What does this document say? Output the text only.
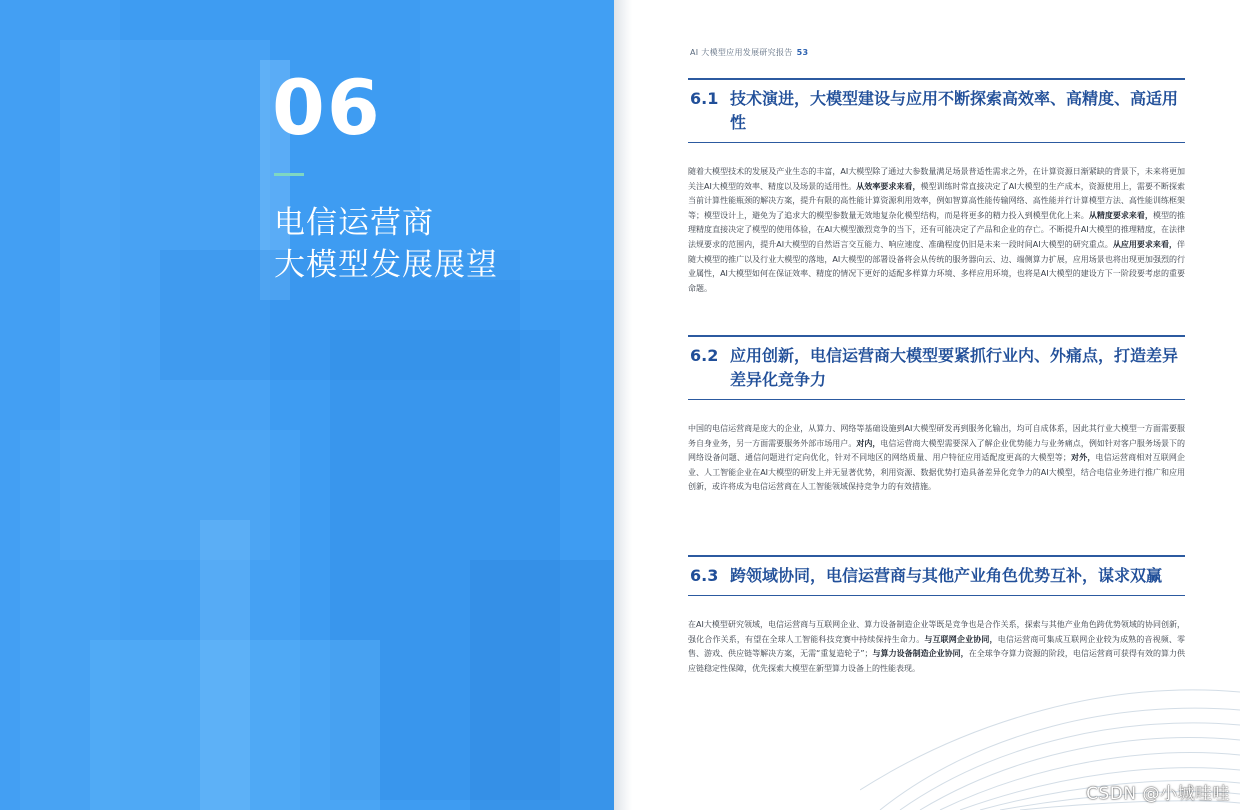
06
电信运营商
大模型发展展望
AI 大模型应用发展研究报告 53
6.1 技术演进，大模型建设与应用不断探索高效率、高精度、高适用性
随着大模型技术的发展及产业生态的丰富，AI大模型除了通过大参数量满足场景普适性需求之外，在计算资源日渐紧缺的背景下，未来将更加关注AI大模型的效率、精度以及场景的适用性。从效率要求来看，模型训练时常直接决定了AI大模型的生产成本，资源使用上，需要不断探索当前计算性能瓶颈的解决方案，提升有限的高性能计算资源利用效率，例如智算高性能传输网络、高性能并行计算模型方法、高性能训练框架等；模型设计上，避免为了追求大的模型参数量无效地复杂化模型结构，而是将更多的精力投入到模型优化上来。从精度要求来看，模型的推理精度直接决定了模型的使用体验，在AI大模型激烈竞争的当下，还有可能决定了产品和企业的存亡。不断提升AI大模型的推理精度，在法律法规要求的范围内，提升AI大模型的自然语言交互能力、响应速度、准确程度仍旧是未来一段时间AI大模型的研究重点。从应用要求来看，伴随大模型的推广以及行业大模型的落地，AI大模型的部署设备将会从传统的服务器向云、边、端侧算力扩展，应用场景也将出现更加强烈的行业属性，AI大模型如何在保证效率、精度的情况下更好的适配多样算力环境、多样应用环境，也将是AI大模型的建设方下一阶段要考虑的重要命题。
6.2 应用创新，电信运营商大模型要紧抓行业内、外痛点，打造差异差异化竞争力
中国的电信运营商是庞大的企业，从算力、网络等基础设施到AI大模型研发再到服务化输出，均可自成体系，因此其行业大模型一方面需要服务自身业务，另一方面需要服务外部市场用户。对内，电信运营商大模型需要深入了解企业优势能力与业务痛点，例如针对客户服务场景下的网络设备问题、通信问题进行定向优化，针对不同地区的网络质量、用户特征应用适配度更高的大模型等；对外，电信运营商相对互联网企业、人工智能企业在AI大模型的研发上并无显著优势，利用资源、数据优势打造具备差异化竞争力的AI大模型，结合电信业务进行推广和应用创新，或许将成为电信运营商在人工智能领域保持竞争力的有效措施。
6.3 跨领域协同，电信运营商与其他产业角色优势互补，谋求双赢
在AI大模型研究领域，电信运营商与互联网企业、算力设备制造企业等既是竞争也是合作关系，探索与其他产业角色跨优势领域的协同创新，强化合作关系，有望在全球人工智能科技竞赛中持续保持生命力。与互联网企业协同，电信运营商可集成互联网企业较为成熟的音视频、零售、游戏、供应链等解决方案，无需“重复造轮子”；与算力设备制造企业协同，在全球争夺算力资源的阶段，电信运营商可获得有效的算力供应链稳定性保障，优先探索大模型在新型算力设备上的性能表现。
CSDN @小城哇哇
